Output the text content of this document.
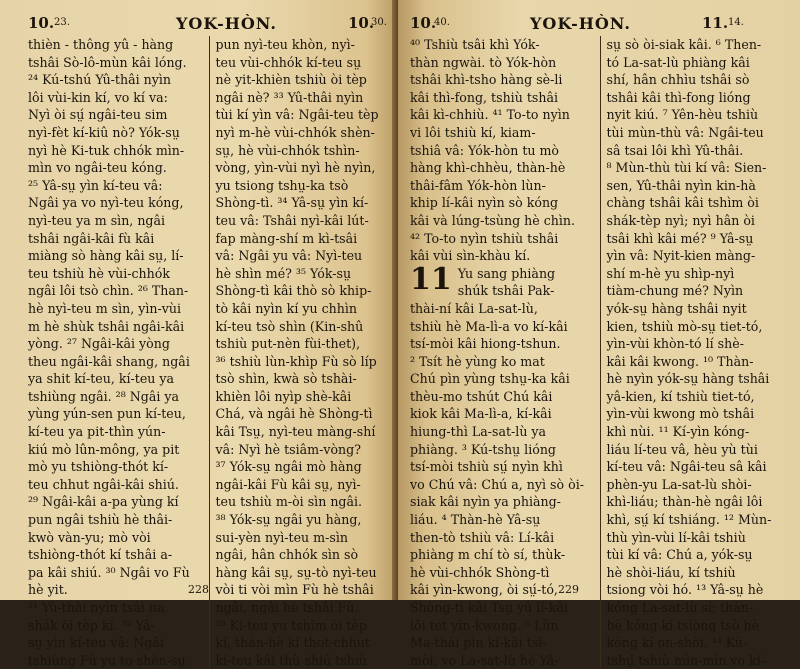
10. 23.	YOK-HÒN.	10.
30.
thièn - thông yû - hàng
tshâi Sò-lô-mùn kâi lóng.
²⁴ Kú-tshú Yû-thâi nyìn
lôi vùi-kin kí, vo kí va:
Nyì òi sṳ́ ngâi-teu sim
nyì-fèt kí-kiû nò? Yók-sṳ
nyì hè Ki-tuk chhók mìn-
mìn vo ngâi-teu kóng.
²⁵ Yâ-sṳ yìn kí-teu vâ:
Ngâi ya vo nyì-teu kóng,
nyì-teu ya m sìn, ngâi
tshâi ngâi-kâi fù kâi
miàng sò hàng kâi sṳ, lí-
teu tshiù hè vùi-chhók
ngâi lôi tsò chìn. ²⁶ Than-
hè nyì-teu m sìn, yìn-vùi
m hè shùk tshâi ngâi-kâi
yòng. ²⁷ Ngâi-kâi yòng
theu ngâi-kâi shang, ngâi
ya shit kí-teu, kí-teu ya
tshiùng ngâi. ²⁸ Ngâi ya
yùng yún-sen pun kí-teu,
kí-teu ya pit-thìn yún-
kiú mò lûn-mông, ya pit
mò yu tshiòng-thót kí-
teu chhut ngâi-kâi shiú.
²⁹ Ngâi-kâi a-pa yùng kí
pun ngâi tshiù hè thâi-
kwò vàn-yu; mò vòi
tshiòng-thót kí tshâi a-
pa kâi shiú. ³⁰ Ngâi vo Fù
hè yit.
³¹ Yû-thâi nyìn tsâi na
shák òi tèp kí. ³² Yâ-
sṳ yìn kí-teu vâ: Ngâi
tshiùng Fù yu to shèn-sṳ
pun nyì-teu khòn, nyì-
teu vùi-chhók kí-teu sṳ
nè yit-khièn tshiù òi tèp
ngâi nè? ³³ Yû-thâi nyìn
tùi kí yìn vâ: Ngâi-teu tèp
nyì m-hè vùi-chhók shèn-
sṳ, hè vùi-chhók tshìn-
vòng, yìn-vùi nyì hè nyìn,
yu tsiong tshṳ-ka tsò
Shòng-tì. ³⁴ Yâ-sṳ yìn kí-
teu vâ: Tshâi nyì-kâi lút-
fap màng-shí m kì-tsâi
vâ: Ngâi yu vâ: Nyì-teu
hè shìn mé? ³⁵ Yók-sṳ
Shòng-tì kâi thò sò khip-
tò kâi nyìn kí yu chhìn
kí-teu tsò shìn (Kin-shû
tshiù put-nèn fùi-thet),
³⁶ tshiù lùn-khìp Fù sò líp
tsò shìn, kwà sò tshài-
khièn lôi nyìp shè-kâi
Chá, và ngâi hè Shòng-tì
kâi Tsṳ, nyì-teu màng-shí
vâ: Nyì hè tsiâm-vòng?
³⁷ Yók-sṳ ngâi mò hàng
ngâi-kâi Fù kâi sṳ, nyì-
teu tshiù m-òi sìn ngâi.
³⁸ Yók-sṳ ngâi yu hàng,
sui-yèn nyì-teu m-sìn
ngâi, hân chhók sìn sò
hàng kâi sṳ, sṳ-tò nyì-teu
vòi ti vòi mìn Fù hè tshâi
ngâi, ngâi hè tshâi Fù.
³⁹ Kí-teu yu tshìm òi tèp
kí, thàn-hè kí thot-chhut
kí-teu kâi thù shiú tshiù
228
10.
40.	YOK-HÒN.	11. 14.
⁴⁰ Tshiù tsâi khì Yók-
thàn ngwài. tò Yók-hòn
tshâi khì-tsho hàng sè-li
kâi thì-fong, tshiù tshâi
kâi kì-chhiù. ⁴¹ To-to nyìn
vi lôi tshiù kí, kiam-
tshiâ vâ: Yók-hòn tu mò
hàng khì-chhèu, thàn-hè
thâi-fâm Yók-hòn lùn-
khip lí-kâi nyìn sò kóng
kâi và lúng-tsùng hè chìn.
⁴² To-to nyìn tshiù tshâi
kâi vùi sìn-khàu kí.
11 Yu sang phiàng
shúk tshâi Pak-
thài-ní kâi La-sat-lù,
tshiù hè Ma-lì-a vo kí-kâi
tsí-mòi kâi hiong-tshun.
² Tsít hè yùng ko mat
Chú pìn yùng tshṳ-ka kâi
thèu-mo tshút Chú kâi
kiok kâi Ma-lì-a, kí-kâi
hiung-thì La-sat-lù ya
phiàng. ³ Kú-tshṳ lióng
tsí-mòi tshiù sṳ́ nyìn khì
vo Chú vâ: Chú a, nyì sò òi-
siak kâi nyìn ya phiàng-
liáu. ⁴ Thàn-hè Yâ-sṳ
then-tò tshiù vâ: Lí-kâi
phiàng m chí tò sí, thùk-
hè vùi-chhók Shòng-tì
kâi yìn-kwong, òi sṳ́-tó,
Shòng-tì kâi Tsṳ yû lí-kâi
lôi tet yìn-kwong. ⁵ Lùn
Ma-thài pìn kí-kâi tsí-
mòi, vo La-sat-lù hè Yâ-
sṳ sò òi-siak kâi. ⁶ Then-
tó La-sat-lù phiàng kâi
shí, hân chhìu tshâi sò
tshâi kâi thì-fong lióng
nyit kiú. ⁷ Yên-hèu tshiù
tùi mùn-thù vâ: Ngâi-teu
sâ tsai lôi khì Yû-thâi.
⁸ Mùn-thù tùi kí vâ: Sien-
sen, Yû-thâi nyìn kin-hà
chàng tshâi kâi tshìm òi
shák-tèp nyì; nyì hân òi
tsâi khì kâi mé? ⁹ Yâ-sṳ
yìn vâ: Nyit-kien màng-
shí m-hè yu shìp-nyì
tiàm-chung mé? Nyìn
yók-sṳ hàng tshâi nyit
kien, tshiù mò-sṳ tiet-tó,
yìn-vùi khòn-tó lí shè-
kâi kâi kwong. ¹⁰ Thàn-
hè nyìn yók-sṳ hàng tshâi
yâ-kien, kí tshiù tiet-tó,
yìn-vùi kwong mò tshâi
khì nùi. ¹¹ Kí-yìn kóng-
liáu lí-teu vâ, hèu yù tùi
kí-teu vâ: Ngâi-teu sâ kâi
phèn-yu La-sat-lù shòi-
khì-liáu; thàn-hè ngâi lôi
khì, sṳ́ kí tshiáng. ¹² Mùn-
thù yìn-vùi lí-kâi tshiù
tùi kí vâ: Chú a, yók-sṳ
hè shòi-liáu, kí tshiù
tsiong vòi hó. ¹³ Yâ-sṳ hè
kóng La-sat-lù sí; thàn-
hè kóng kí tsiòng tsò hè
kóng kí on-shòi. ¹⁴ Kù-
tshṳ́ tshiù mìn-mìn vo kí-
229
